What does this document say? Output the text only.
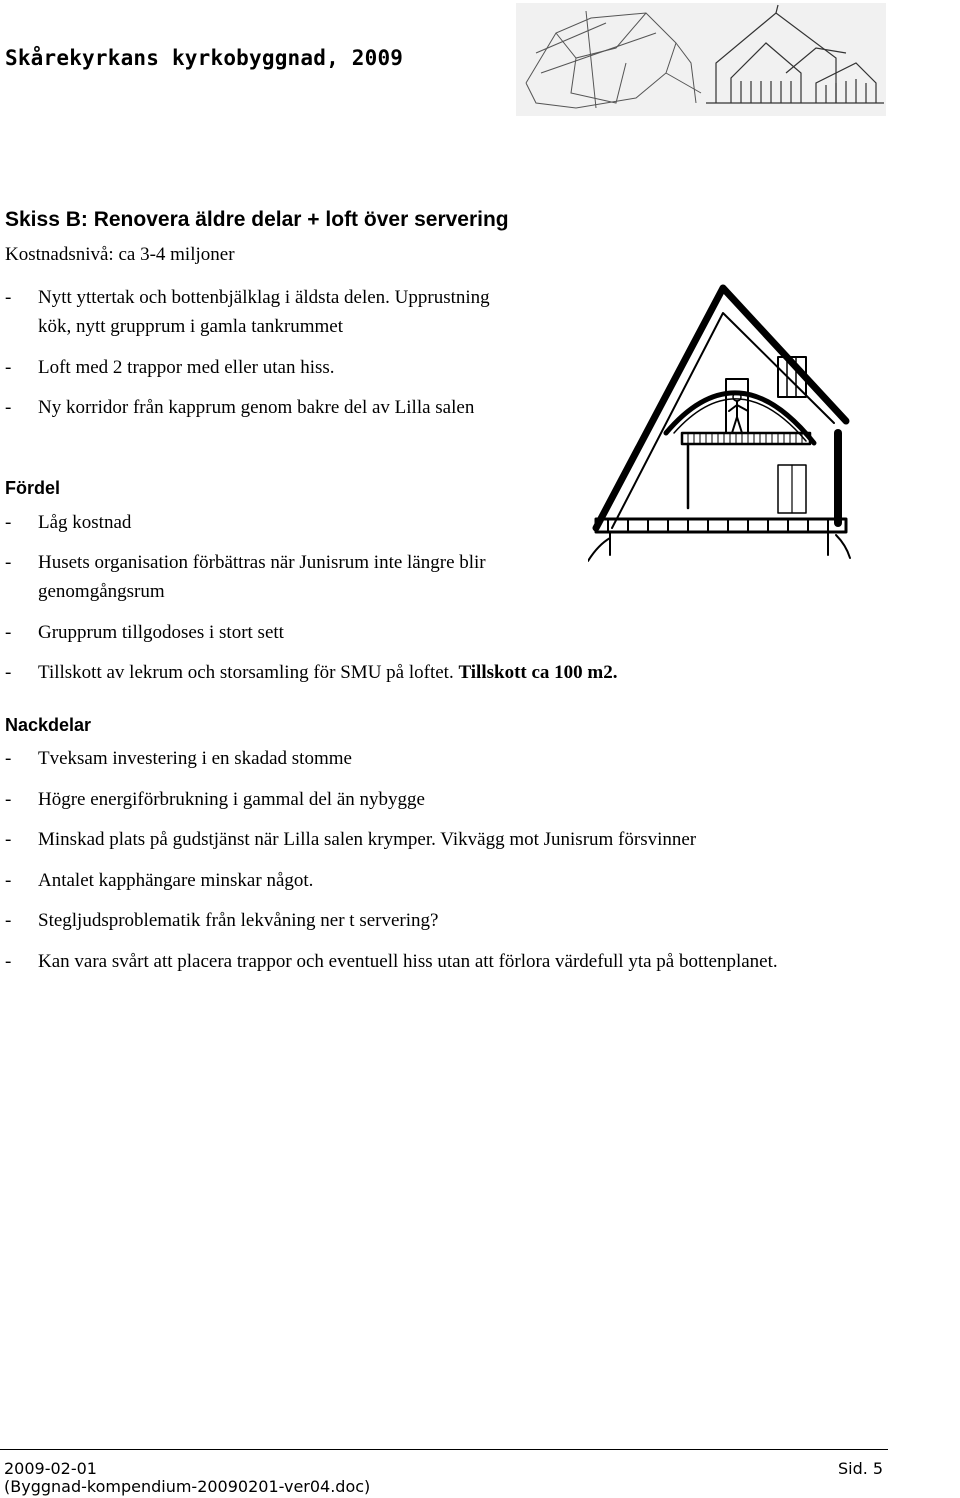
Skårekyrkans kyrkobyggnad, 2009
Skiss B: Renovera äldre delar + loft över servering
Kostnadsnivå: ca 3-4 miljoner
- Nytt yttertak och bottenbjälklag i äldsta delen. Upprustning kök, nytt grupprum i gamla tankrummet
- Loft med 2 trappor med eller utan hiss.
- Ny korridor från kapprum genom bakre del av Lilla salen
Fördel
- Låg kostnad
- Husets organisation förbättras när Junisrum inte längre blir genomgångsrum
- Grupprum tillgodoses i stort sett
- Tillskott av lekrum och storsamling för SMU på loftet. Tillskott ca 100 m2.
Nackdelar
- Tveksam investering i en skadad stomme
- Högre energiförbrukning i gammal del än nybygge
- Minskad plats på gudstjänst när Lilla salen krymper. Vikvägg mot Junisrum försvinner
- Antalet kapphängare minskar något.
- Stegljudsproblematik från lekvåning ner t servering?
- Kan vara svårt att placera trappor och eventuell hiss utan att förlora värdefull yta på bottenplanet.
2009-02-01
(Byggnad-kompendium-20090201-ver04.doc)
Sid. 5
